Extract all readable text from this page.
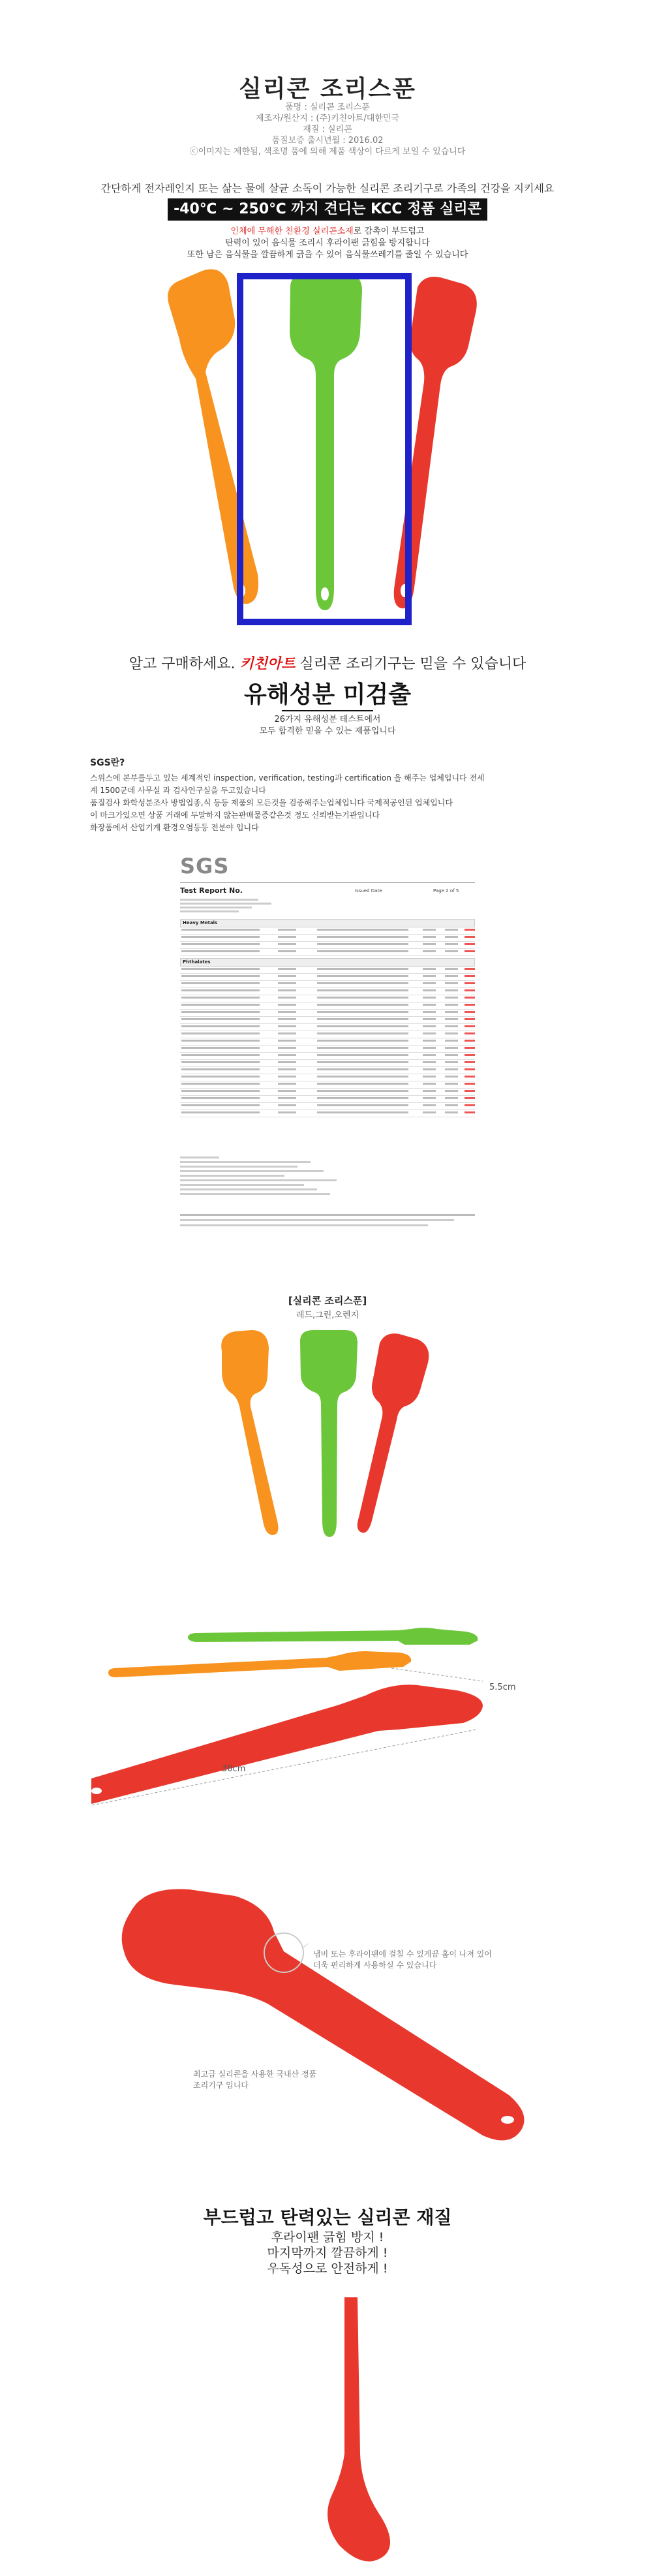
실리콘 조리스푼
품명 : 실리콘 조리스푼
제조자/원산지 : (주)키친아트/대한민국
재질 : 실리콘
품질보증 출시년월 : 2016.02
ⓒ이미지는 제한됨, 색조명 품에 의해 제품 색상이 다르게 보일 수 있습니다
간단하게 전자레인지 또는 삶는 물에 살균 소독이 가능한 실리콘 조리기구로 가족의 건강을 지키세요
-40℃ ~ 250℃ 까지 견디는 KCC 정품 실리콘
인체에 무해한 친환경 실리콘소재로 감촉이 부드럽고
탄력이 있어 음식물 조리시 후라이팬 긁힘을 방지합니다
또한 남은 음식물을 깔끔하게 긁을 수 있어 음식물쓰레기를 줄일 수 있습니다
알고 구매하세요. 키친아트 실리콘 조리기구는 믿을 수 있습니다
유해성분 미검출
26가지 유해성분 테스트에서
모두 합격한 믿을 수 있는 제품입니다
SGS란?
스위스에 본부를두고 있는 세계적인 inspection, verification, testing과 certification 을 해주는 업체입니다 전세
계 1500군데 사무실 과 검사연구실을 두고있습니다
품질검사 화학성분조사 방법업종,식 등등 제품의 모든것을 검증해주는업체입니다 국제적공인된 업체입니다
이 마크가있으면 상품 거래에 두말하지 않는판매물증같은것 정도 신뢰받는기관입니다
화장품에서 산업기계 환경오염등등 전분야 입니다
SGS
Test Report No.	Issued Date	Page 2 of 5
Heavy Metals
Phthalates
[실리콘 조리스푼]
레드,그린,오렌지
30cm
5.5cm
냄비 또는 후라이팬에 걸칠 수 있게끔 홈이 나져 있어
더욱 편리하게 사용하실 수 있습니다
최고급 실리콘을 사용한 국내산 정품
조리기구 입니다
부드럽고 탄력있는 실리콘 재질
후라이팬 긁힘 방지 !
마지막까지 깔끔하게 !
우독성으로 안전하게 !
